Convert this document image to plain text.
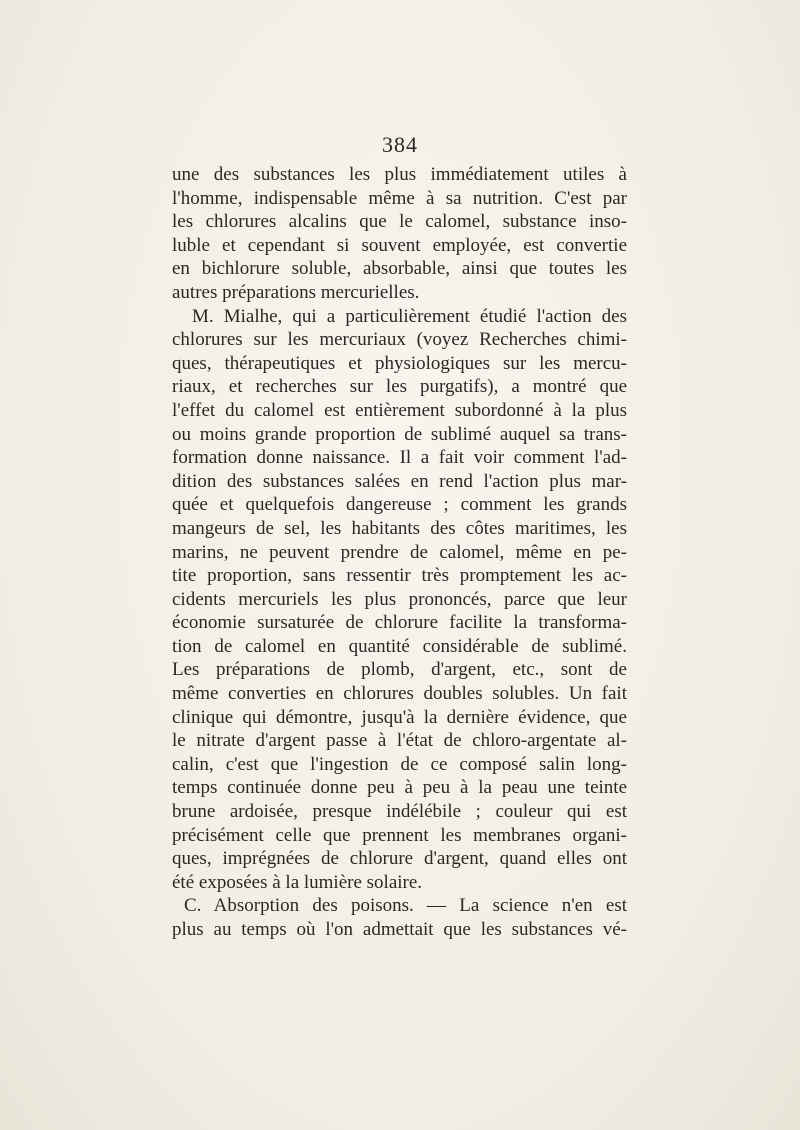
384
une des substances les plus immédiatement utiles à
l'homme, indispensable même à sa nutrition. C'est par
les chlorures alcalins que le calomel, substance inso-
luble et cependant si souvent employée, est convertie
en bichlorure soluble, absorbable, ainsi que toutes les
autres préparations mercurielles.
M. Mialhe, qui a particulièrement étudié l'action des
chlorures sur les mercuriaux (voyez Recherches chimi-
ques, thérapeutiques et physiologiques sur les mercu-
riaux, et recherches sur les purgatifs), a montré que
l'effet du calomel est entièrement subordonné à la plus
ou moins grande proportion de sublimé auquel sa trans-
formation donne naissance. Il a fait voir comment l'ad-
dition des substances salées en rend l'action plus mar-
quée et quelquefois dangereuse ; comment les grands
mangeurs de sel, les habitants des côtes maritimes, les
marins, ne peuvent prendre de calomel, même en pe-
tite proportion, sans ressentir très promptement les ac-
cidents mercuriels les plus prononcés, parce que leur
économie sursaturée de chlorure facilite la transforma-
tion de calomel en quantité considérable de sublimé.
Les préparations de plomb, d'argent, etc., sont de
même converties en chlorures doubles solubles. Un fait
clinique qui démontre, jusqu'à la dernière évidence, que
le nitrate d'argent passe à l'état de chloro-argentate al-
calin, c'est que l'ingestion de ce composé salin long-
temps continuée donne peu à peu à la peau une teinte
brune ardoisée, presque indélébile ; couleur qui est
précisément celle que prennent les membranes organi-
ques, imprégnées de chlorure d'argent, quand elles ont
été exposées à la lumière solaire.
C. Absorption des poisons. — La science n'en est
plus au temps où l'on admettait que les substances vé-
